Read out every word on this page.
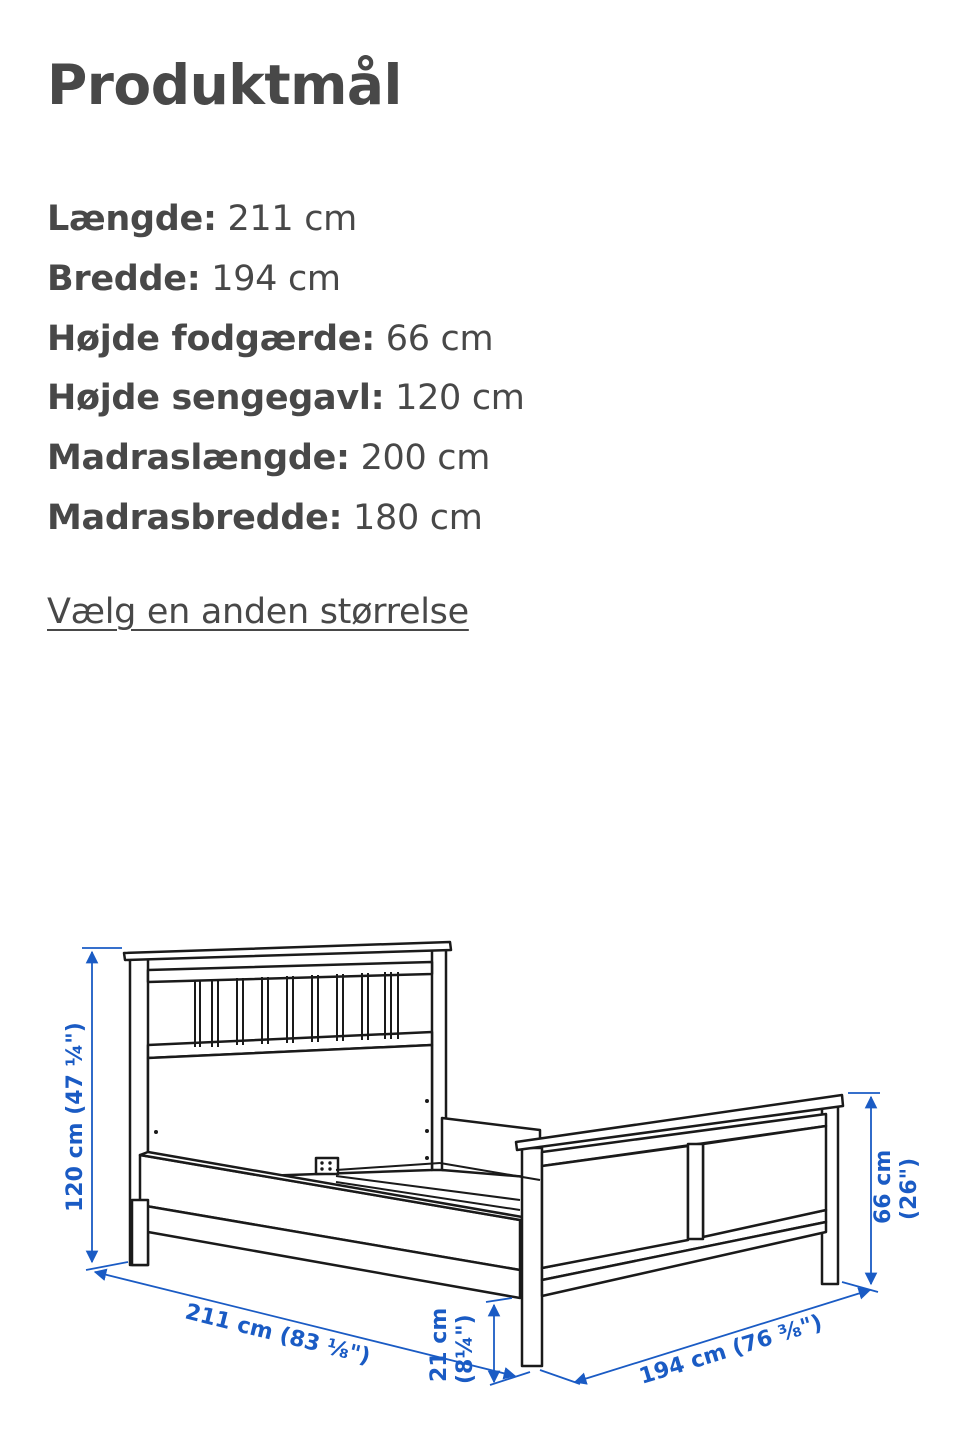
Produktmål
Længde: 211 cm
Bredde: 194 cm
Højde fodgærde: 66 cm
Højde sengegavl: 120 cm
Madraslængde: 200 cm
Madrasbredde: 180 cm
Vælg en anden størrelse
120 cm (47 ¼")
211 cm (83 ⅛") 21 cm (8¼")	194 cm (76 ⅜")
66 cm (26")
